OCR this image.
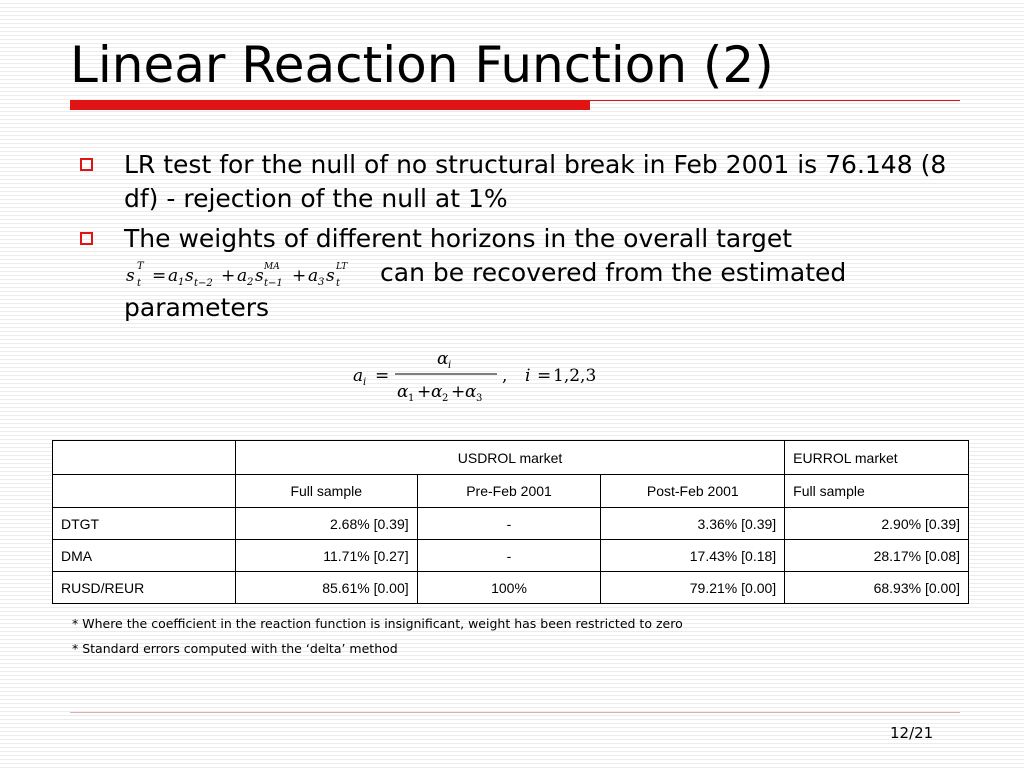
Linear Reaction Function (2)
LR test for the null of no structural break in Feb 2001 is 76.148 (8 df) - rejection of the null at 1%
The weights of different horizons in the overall target

s T
t = a 1 s t−2 + a 2 s MA
t−1 + a 3 s LT
t can be recovered from the estimated parameters
a i =
α i
α 1 + α 2 + α 3
, i = 1,2,3
	USDROL market			EURROL market
	Full sample	Pre-Feb 2001	Post-Feb 2001	Full sample
DTGT	2.68% [0.39]	-	3.36% [0.39]	2.90% [0.39]
DMA	11.71% [0.27]	-	17.43% [0.18]	28.17% [0.08]
RUSD/REUR	85.61% [0.00]	100%	79.21% [0.00]	68.93% [0.00]
* Where the coefficient in the reaction function is insignificant, weight has been restricted to zero
* Standard errors computed with the ‘delta’ method
12/21
